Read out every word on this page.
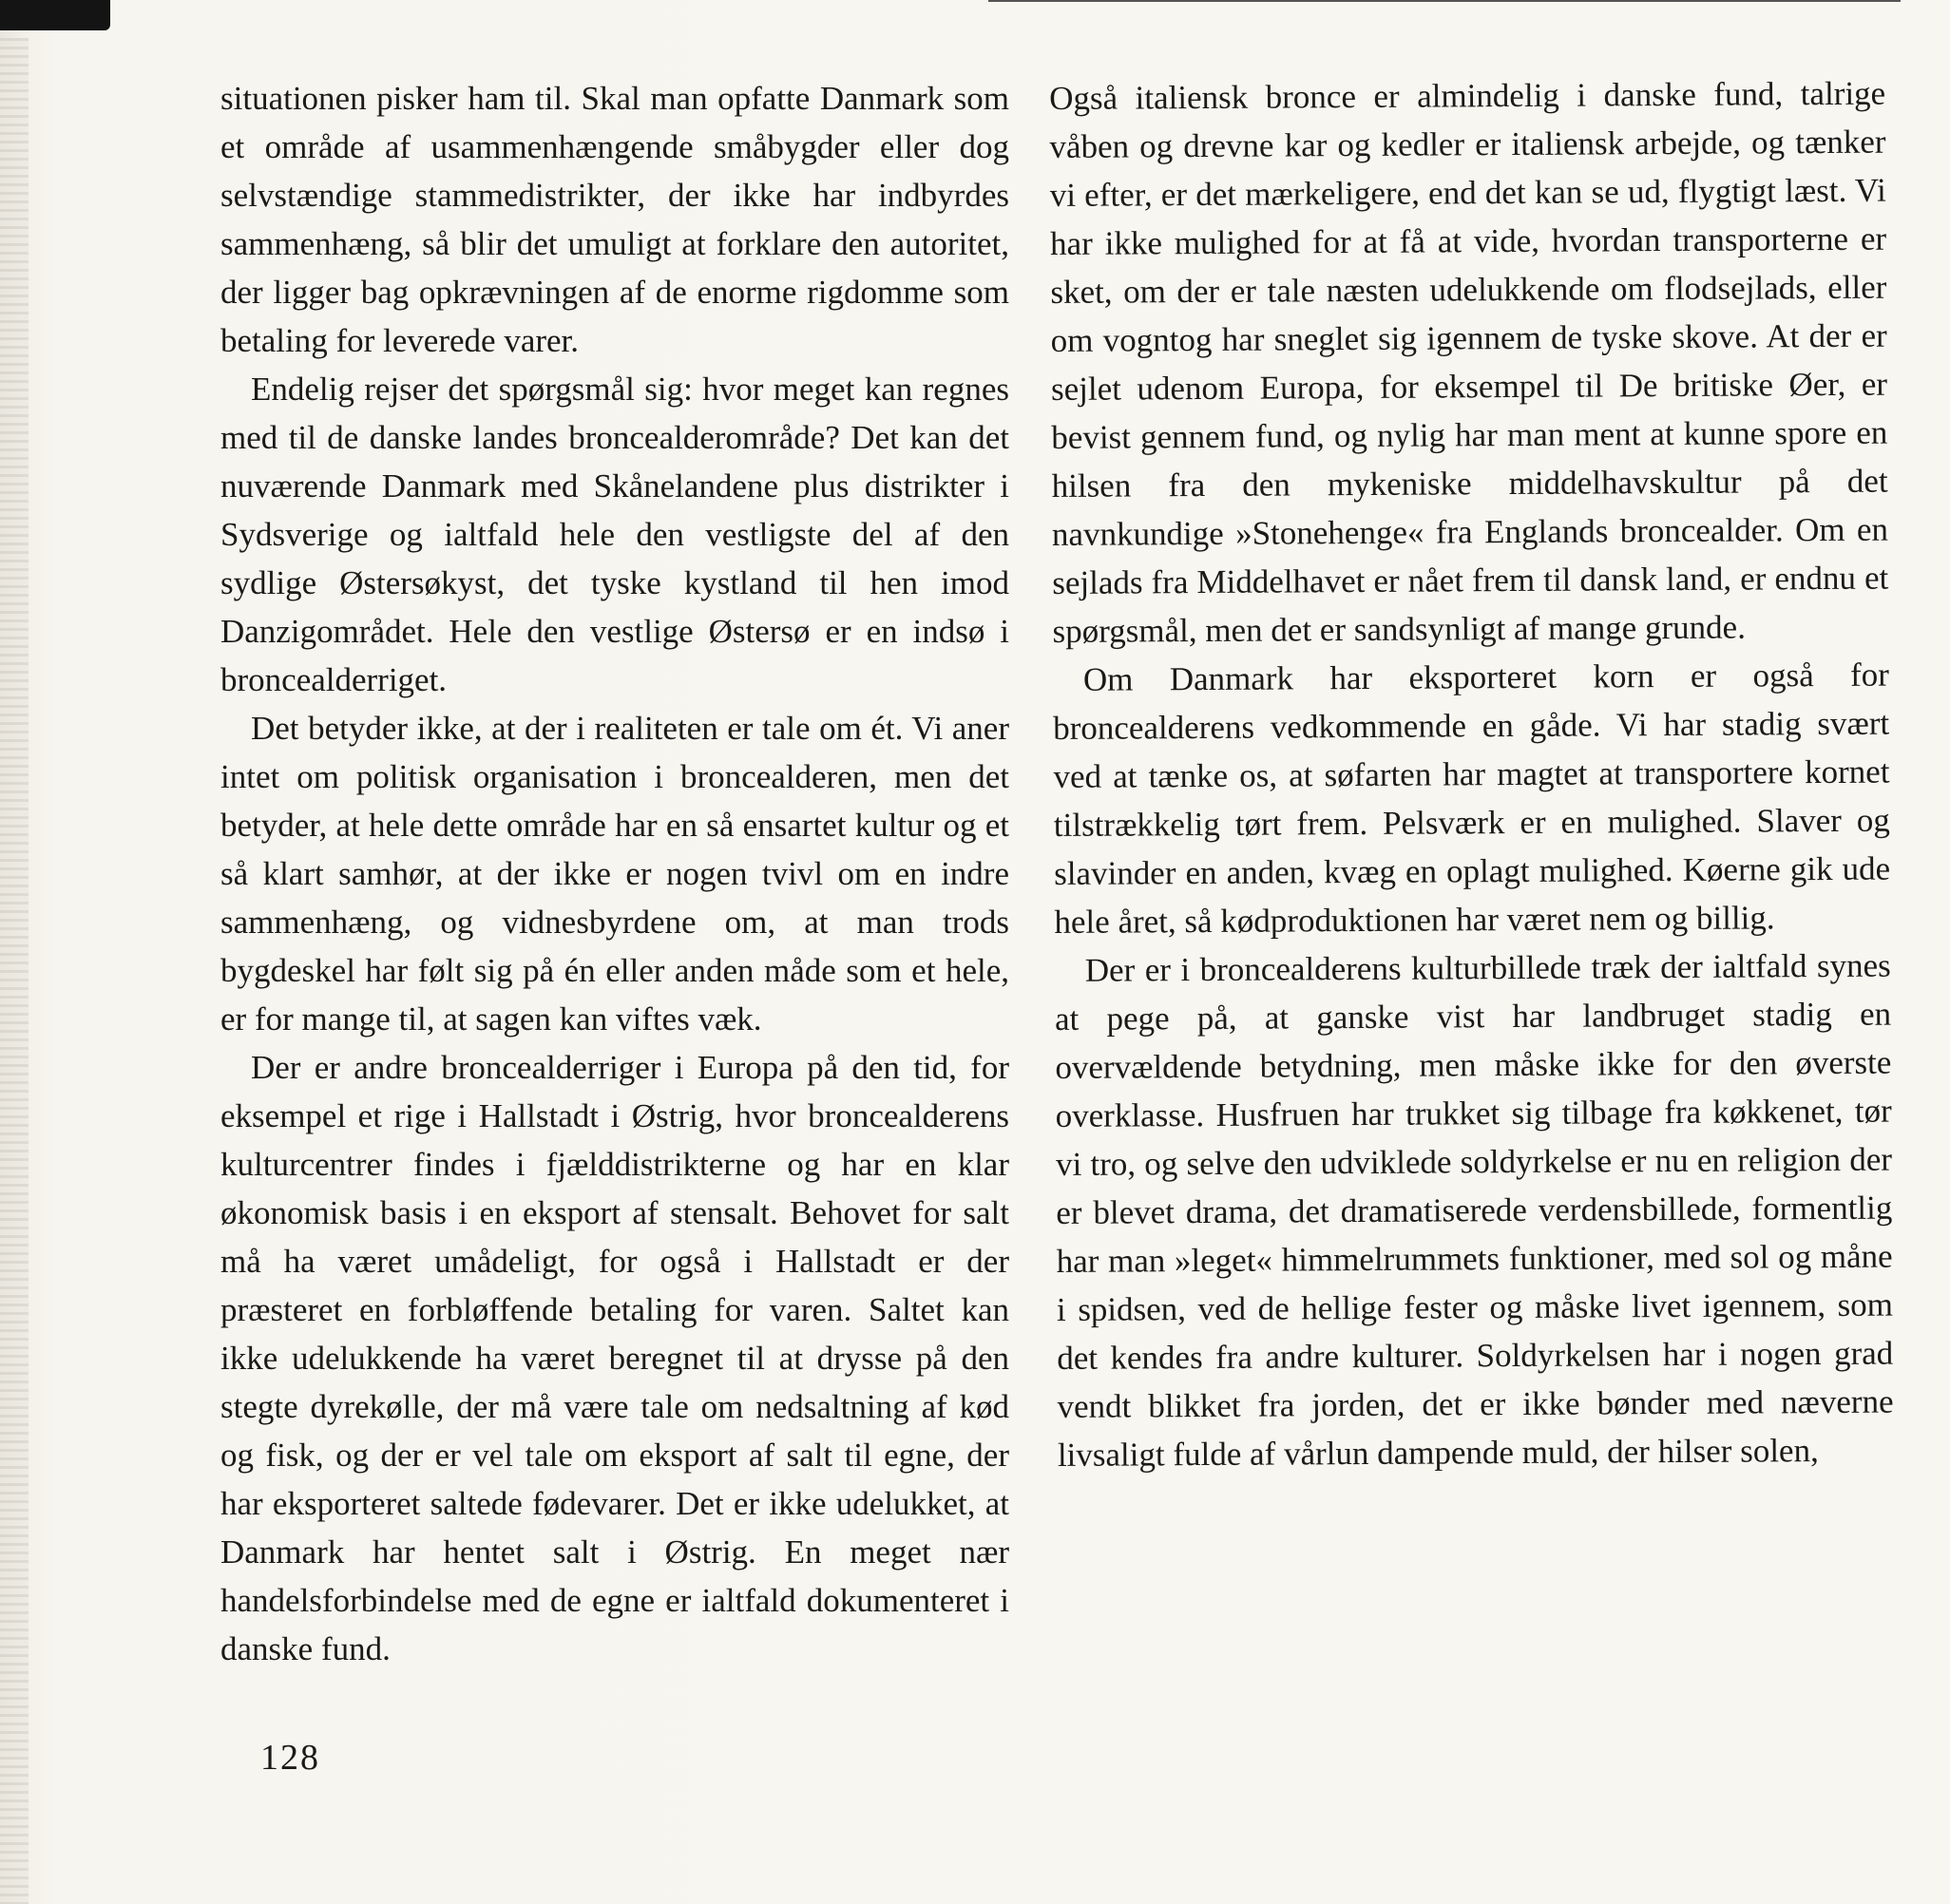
situationen pisker ham til. Skal man opfatte Danmark som et område af usammenhængende småbygder eller dog selvstændige stammedistrikter, der ikke har indbyrdes sammenhæng, så blir det umuligt at forklare den autoritet, der ligger bag opkrævningen af de enorme rigdomme som betaling for leverede varer.

Endelig rejser det spørgsmål sig: hvor meget kan regnes med til de danske landes broncealderområde? Det kan det nuværende Danmark med Skånelandene plus distrikter i Sydsverige og ialtfald hele den vestligste del af den sydlige Østersøkyst, det tyske kystland til hen imod Danzigområdet. Hele den vestlige Østersø er en indsø i broncealderriget.

Det betyder ikke, at der i realiteten er tale om ét. Vi aner intet om politisk organisation i broncealderen, men det betyder, at hele dette område har en så ensartet kultur og et så klart samhør, at der ikke er nogen tvivl om en indre sammenhæng, og vidnesbyrdene om, at man trods bygdeskel har følt sig på én eller anden måde som et hele, er for mange til, at sagen kan viftes væk.

Der er andre broncealderriger i Europa på den tid, for eksempel et rige i Hallstadt i Østrig, hvor broncealderens kulturcentrer findes i fjælddistrikterne og har en klar økonomisk basis i en eksport af stensalt. Behovet for salt må ha været umådeligt, for også i Hallstadt er der præsteret en forbløffende betaling for varen. Saltet kan ikke udelukkende ha været beregnet til at drysse på den stegte dyrekølle, der må være tale om nedsaltning af kød og fisk, og der er vel tale om eksport af salt til egne, der har eksporteret saltede fødevarer. Det er ikke udelukket, at Danmark har hentet salt i Østrig. En meget nær handelsforbindelse med de egne er ialtfald dokumenteret i danske fund.

Også italiensk bronce er almindelig i danske fund, talrige våben og drevne kar og kedler er italiensk arbejde, og tænker vi efter, er det mærkeligere, end det kan se ud, flygtigt læst. Vi har ikke mulighed for at få at vide, hvordan transporterne er sket, om der er tale næsten udelukkende om flodsejlads, eller om vogntog har sneglet sig igennem de tyske skove. At der er sejlet udenom Europa, for eksempel til De britiske Øer, er bevist gennem fund, og nylig har man ment at kunne spore en hilsen fra den mykeniske middelhavskultur på det navnkundige »Stonehenge« fra Englands broncealder. Om en sejlads fra Middelhavet er nået frem til dansk land, er endnu et spørgsmål, men det er sandsynligt af mange grunde.

Om Danmark har eksporteret korn er også for broncealderens vedkommende en gåde. Vi har stadig svært ved at tænke os, at søfarten har magtet at transportere kornet tilstrækkelig tørt frem. Pelsværk er en mulighed. Slaver og slavinder en anden, kvæg en oplagt mulighed. Køerne gik ude hele året, så kødproduktionen har været nem og billig.

Der er i broncealderens kulturbillede træk der ialtfald synes at pege på, at ganske vist har landbruget stadig en overvældende betydning, men måske ikke for den øverste overklasse. Husfruen har trukket sig tilbage fra køkkenet, tør vi tro, og selve den udviklede soldyrkelse er nu en religion der er blevet drama, det dramatiserede verdensbillede, formentlig har man »leget« himmelrummets funktioner, med sol og måne i spidsen, ved de hellige fester og måske livet igennem, som det kendes fra andre kulturer. Soldyrkelsen har i nogen grad vendt blikket fra jorden, det er ikke bønder med næverne livsaligt fulde af vårlun dampende muld, der hilser solen,

128
